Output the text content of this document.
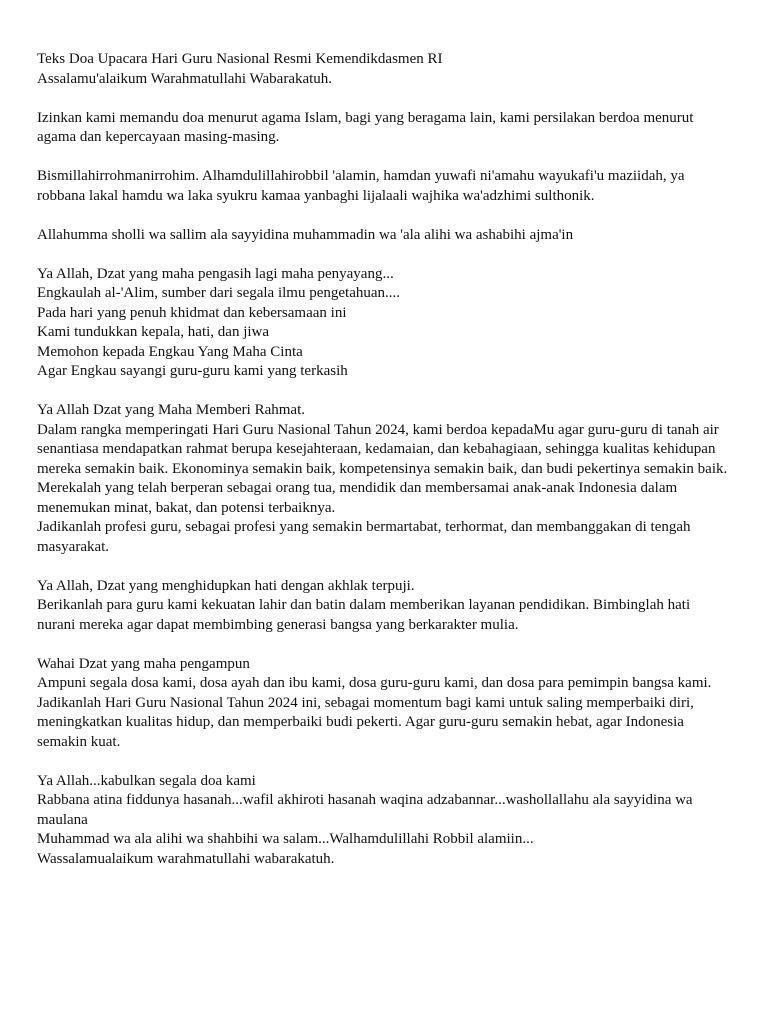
Teks Doa Upacara Hari Guru Nasional Resmi Kemendikdasmen RI
Assalamu'alaikum Warahmatullahi Wabarakatuh.
Izinkan kami memandu doa menurut agama Islam, bagi yang beragama lain, kami persilakan berdoa menurut agama dan kepercayaan masing-masing.
Bismillahirrohmanirrohim. Alhamdulillahirobbil 'alamin, hamdan yuwafi ni'amahu wayukafi'u maziidah, ya robbana lakal hamdu wa laka syukru kamaa yanbaghi lijalaali wajhika wa'adzhimi sulthonik.
Allahumma sholli wa sallim ala sayyidina muhammadin wa 'ala alihi wa ashabihi ajma'in
Ya Allah, Dzat yang maha pengasih lagi maha penyayang...
Engkaulah al-'Alim, sumber dari segala ilmu pengetahuan....
Pada hari yang penuh khidmat dan kebersamaan ini
Kami tundukkan kepala, hati, dan jiwa
Memohon kepada Engkau Yang Maha Cinta
Agar Engkau sayangi guru-guru kami yang terkasih
Ya Allah Dzat yang Maha Memberi Rahmat.
Dalam rangka memperingati Hari Guru Nasional Tahun 2024, kami berdoa kepadaMu agar guru-guru di tanah air senantiasa mendapatkan rahmat berupa kesejahteraan, kedamaian, dan kebahagiaan, sehingga kualitas kehidupan mereka semakin baik. Ekonominya semakin baik, kompetensinya semakin baik, dan budi pekertinya semakin baik.
Merekalah yang telah berperan sebagai orang tua, mendidik dan membersamai anak-anak Indonesia dalam menemukan minat, bakat, dan potensi terbaiknya.
Jadikanlah profesi guru, sebagai profesi yang semakin bermartabat, terhormat, dan membanggakan di tengah masyarakat.
Ya Allah, Dzat yang menghidupkan hati dengan akhlak terpuji.
Berikanlah para guru kami kekuatan lahir dan batin dalam memberikan layanan pendidikan. Bimbinglah hati nurani mereka agar dapat membimbing generasi bangsa yang berkarakter mulia.
Wahai Dzat yang maha pengampun
Ampuni segala dosa kami, dosa ayah dan ibu kami, dosa guru-guru kami, dan dosa para pemimpin bangsa kami.
Jadikanlah Hari Guru Nasional Tahun 2024 ini, sebagai momentum bagi kami untuk saling memperbaiki diri, meningkatkan kualitas hidup, dan memperbaiki budi pekerti. Agar guru-guru semakin hebat, agar Indonesia semakin kuat.
Ya Allah...kabulkan segala doa kami
Rabbana atina fiddunya hasanah...wafil akhiroti hasanah waqina adzabannar...washollallahu ala sayyidina wa maulana
Muhammad wa ala alihi wa shahbihi wa salam...Walhamdulillahi Robbil alamiin...
Wassalamualaikum warahmatullahi wabarakatuh.
